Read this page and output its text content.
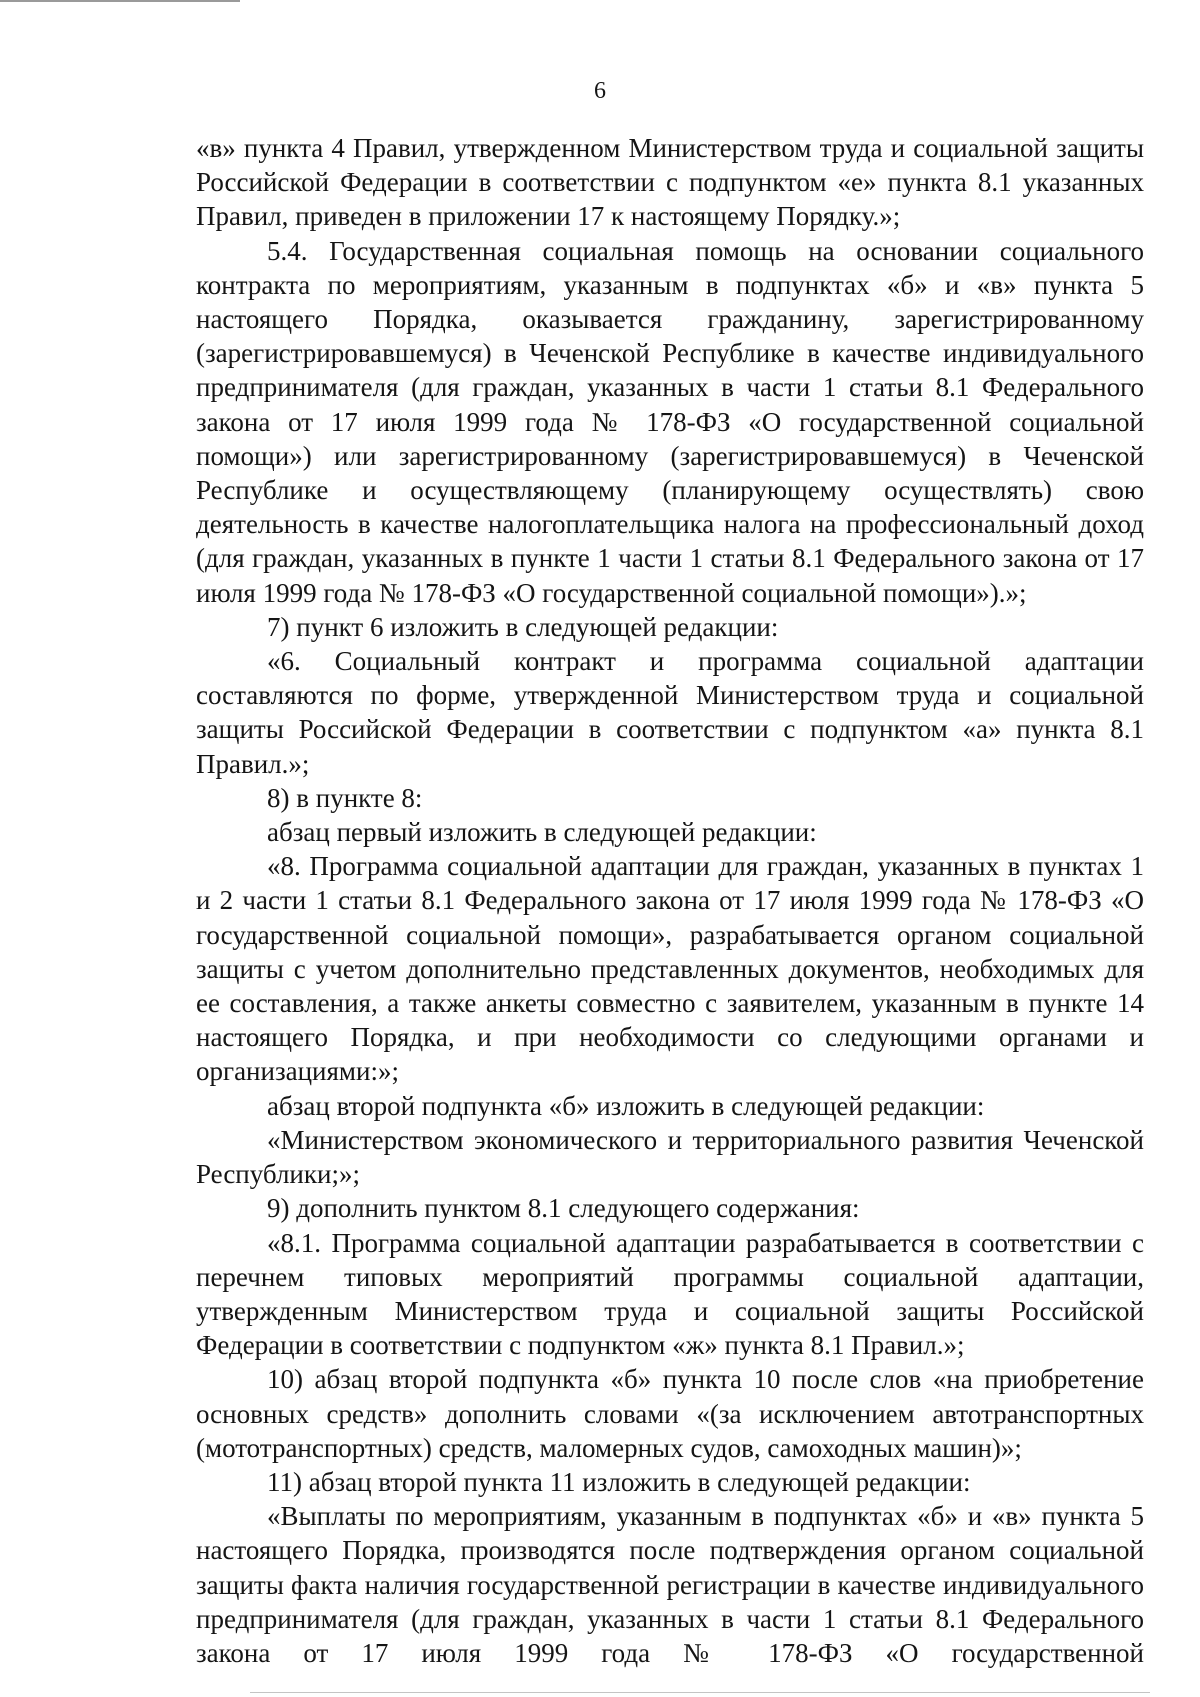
6

«в» пункта 4 Правил, утвержденном Министерством труда и социальной защиты Российской Федерации в соответствии с подпунктом «е» пункта 8.1 указанных Правил, приведен в приложении 17 к настоящему Порядку.»;

5.4. Государственная социальная помощь на основании социального контракта по мероприятиям, указанным в подпунктах «б» и «в» пункта 5 настоящего Порядка, оказывается гражданину, зарегистрированному (зарегистрировавшемуся) в Чеченской Республике в качестве индивидуального предпринимателя (для граждан, указанных в части 1 статьи 8.1 Федерального закона от 17 июля 1999 года № 178-ФЗ «О государственной социальной помощи») или зарегистрированному (зарегистрировавшемуся) в Чеченской Республике и осуществляющему (планирующему осуществлять) свою деятельность в качестве налогоплательщика налога на профессиональный доход (для граждан, указанных в пункте 1 части 1 статьи 8.1 Федерального закона от 17 июля 1999 года № 178-ФЗ «О государственной социальной помощи»).»;

7) пункт 6 изложить в следующей редакции:

«6. Социальный контракт и программа социальной адаптации составляются по форме, утвержденной Министерством труда и социальной защиты Российской Федерации в соответствии с подпунктом «а» пункта 8.1 Правил.»;

8) в пункте 8:

абзац первый изложить в следующей редакции:

«8. Программа социальной адаптации для граждан, указанных в пунктах 1 и 2 части 1 статьи 8.1 Федерального закона от 17 июля 1999 года № 178-ФЗ «О государственной социальной помощи», разрабатывается органом социальной защиты с учетом дополнительно представленных документов, необходимых для ее составления, а также анкеты совместно с заявителем, указанным в пункте 14 настоящего Порядка, и при необходимости со следующими органами и организациями:»;

абзац второй подпункта «б» изложить в следующей редакции:

«Министерством экономического и территориального развития Чеченской Республики;»;

9) дополнить пунктом 8.1 следующего содержания:

«8.1. Программа социальной адаптации разрабатывается в соответствии с перечнем типовых мероприятий программы социальной адаптации, утвержденным Министерством труда и социальной защиты Российской Федерации в соответствии с подпунктом «ж» пункта 8.1 Правил.»;

10) абзац второй подпункта «б» пункта 10 после слов «на приобретение основных средств» дополнить словами «(за исключением автотранспортных (мототранспортных) средств, маломерных судов, самоходных машин)»;

11) абзац второй пункта 11 изложить в следующей редакции:

«Выплаты по мероприятиям, указанным в подпунктах «б» и «в» пункта 5 настоящего Порядка, производятся после подтверждения органом социальной защиты факта наличия государственной регистрации в качестве индивидуального предпринимателя (для граждан, указанных в части 1 статьи 8.1 Федерального закона от 17 июля 1999 года № 178-ФЗ «О государственной
